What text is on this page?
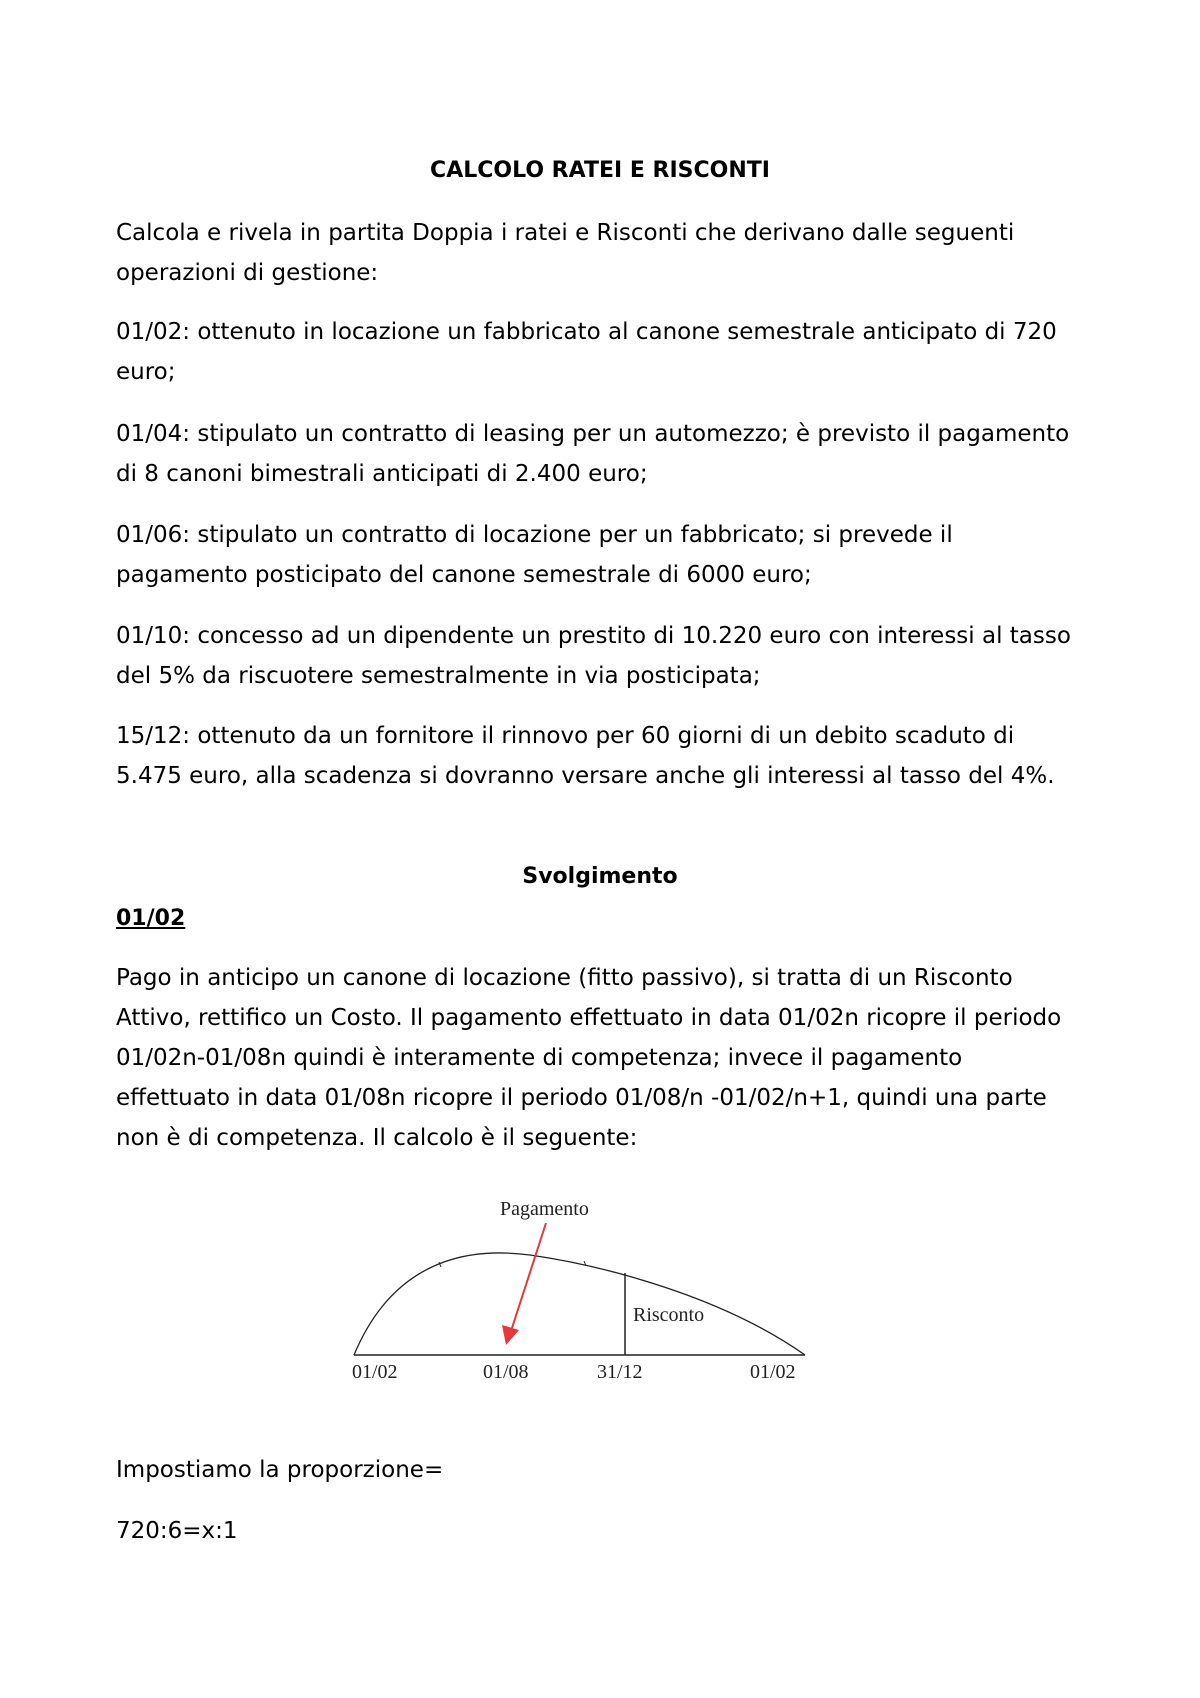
CALCOLO RATEI E RISCONTI

Calcola e rivela in partita Doppia i ratei e Risconti che derivano dalle seguenti operazioni di gestione:

01/02: ottenuto in locazione un fabbricato al canone semestrale anticipato di 720 euro;

01/04: stipulato un contratto di leasing per un automezzo; è previsto il pagamento di 8 canoni bimestrali anticipati di 2.400 euro;

01/06: stipulato un contratto di locazione per un fabbricato; si prevede il pagamento posticipato del canone semestrale di 6000 euro;

01/10: concesso ad un dipendente un prestito di 10.220 euro con interessi al tasso del 5% da riscuotere semestralmente in via posticipata;

15/12: ottenuto da un fornitore il rinnovo per 60 giorni di un debito scaduto di 5.475 euro, alla scadenza si dovranno versare anche gli interessi al tasso del 4%.

Svolgimento
01/02

Pago in anticipo un canone di locazione (fitto passivo), si tratta di un Risconto Attivo, rettifico un Costo. Il pagamento effettuato in data 01/02n ricopre il periodo 01/02n-01/08n quindi è interamente di competenza; invece il pagamento effettuato in data 01/08n ricopre il periodo 01/08/n -01/02/n+1, quindi una parte non è di competenza. Il calcolo è il seguente:

Pagamento
Risconto
01/02	01/08	31/12	01/02

Impostiamo la proporzione=

720:6=x:1
